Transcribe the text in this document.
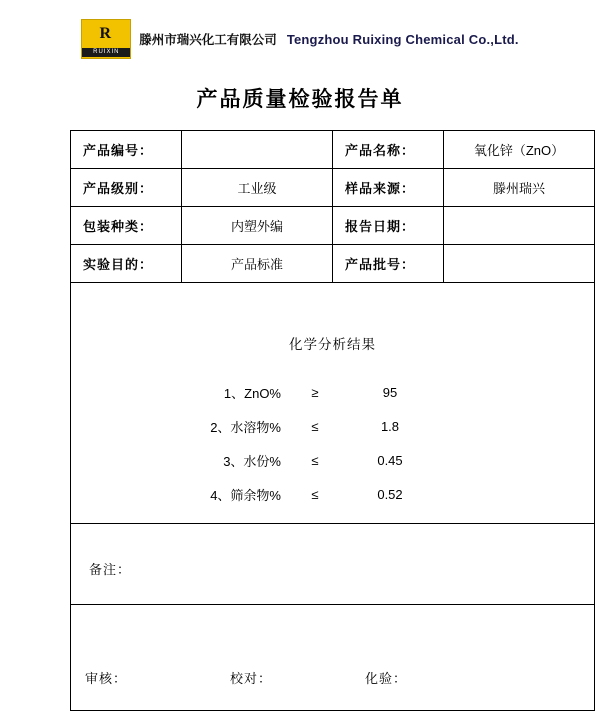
R
RUIXIN
滕州市瑞兴化工有限公司 Tengzhou Ruixing Chemical Co.,Ltd.
产品质量检验报告单
产品编号：		产品名称：	氧化锌（ZnO）
产品级别：	工业级	样品来源：	滕州瑞兴
包装种类：	内塑外编	报告日期：	
实验目的：	产品标准	产品批号：	

化学分析结果
1、ZnO%	≥	95
2、水溶物%	≤	1.8
3、水份%	≤	0.45
4、筛余物%	≤	0.52

备注：			

审核： 校对： 化验：			
